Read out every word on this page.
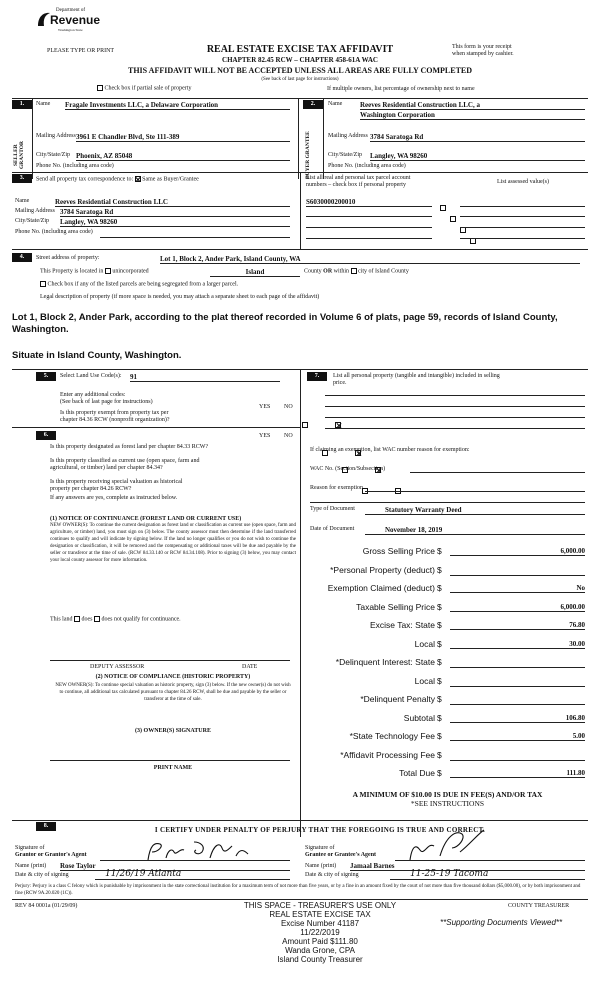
Department of
Revenue
Washington State
PLEASE TYPE OR PRINT	REAL ESTATE EXCISE TAX AFFIDAVIT
CHAPTER 82.45 RCW – CHAPTER 458-61A WAC
This form is your receipt
when stamped by cashier.
THIS AFFIDAVIT WILL NOT BE ACCEPTED UNLESS ALL AREAS ARE FULLY COMPLETED
(See back of last page for instructions)
Check box if partial sale of property	If multiple owners, list percentage of ownership next to name
1.
SELLER GRANTOR
Name Fragale Investments LLC, a Delaware Corporation
Mailing Address 3961 E Chandler Blvd, Ste 111-389
City/State/Zip Phoenix, AZ 85048
Phone No. (including area code)
2.
BUYER GRANTEE
Name	Reeves Residential Construction LLC, a
Washington Corporation
Mailing Address 3784 Saratoga Rd
City/State/Zip Langley, WA 98260
Phone No. (including area code)
3.	Send all property tax correspondence to: Same as Buyer/Grantee	List all real and personal tax parcel account
numbers – check box if personal property	List assessed value(s)
Name	Reeves Residential Construction LLC
Mailing Address 3784 Saratoga Rd
City/State/Zip Langley, WA 98260
Phone No. (including area code)
S6030000200010

4.	Street address of property:	Lot 1, Block 2, Ander Park, Island County, WA
This Property is located in unincorporated	Island	County OR within city of Island County
Check box if any of the listed parcels are being segregated from a larger parcel.
Legal description of property (if more space is needed, you may attach a separate sheet to each page of the affidavit)
Lot 1, Block 2, Ander Park, according to the plat thereof recorded in Volume 6 of plats, page 59, records of Island County, Washington.
Situate in Island County, Washington.
5.	Select Land Use Code(s): 91
Enter any additional codes:
(See back of last page for instructions)
YES NO
Is this property exempt from property tax per
chapter 84.36 RCW (nonprofit organization)?

6.	YES NO
Is this property designated as forest land per chapter 84.33 RCW?

Is this property classified as current use (open space, farm and
agricultural, or timber) land per chapter 84.34?

Is this property receiving special valuation as historical
property per chapter 84.26 RCW?

If any answers are yes, complete as instructed below.
(1) NOTICE OF CONTINUANCE (FOREST LAND OR CURRENT USE)
NEW OWNER(S): To continue the current designation as forest land or classification as current use (open space, farm and agriculture, or timber) land, you must sign on (3) below. The county assessor must then determine if the land transferred continues to qualify and will indicate by signing below. If the land no longer qualifies or you do not wish to continue the designation or classification, it will be removed and the compensating or additional taxes will be due and payable by the seller or transferor at the time of sale. (RCW 84.33.140 or RCW 84.34.108). Prior to signing (3) below, you may contact your local county assessor for more information.
This land does does not qualify for continuance.
DEPUTY ASSESSOR	DATE
(2) NOTICE OF COMPLIANCE (HISTORIC PROPERTY)
NEW OWNER(S): To continue special valuation as historic property, sign (3) below. If the new owner(s) do not wish to continue, all additional tax calculated pursuant to chapter 84.26 RCW, shall be due and payable by the seller or transferor at the time of sale.
(3) OWNER(S) SIGNATURE
PRINT NAME
7.	List all personal property (tangible and intangible) included in selling
price.
If claiming an exemption, list WAC number reason for exemption:
WAC No. (Section/Subsection)
Reason for exemption
Type of Document	Statutory Warranty Deed
Date of Document	November 18, 2019
Gross Selling Price $	6,000.00
*Personal Property (deduct) $
Exemption Claimed (deduct) $	No
Taxable Selling Price $	6,000.00
Excise Tax: State $	76.80
Local $	30.00
*Delinquent Interest: State $
Local $
*Delinquent Penalty $
Subtotal $	106.80
*State Technology Fee $	5.00
*Affidavit Processing Fee $
Total Due $	111.80
A MINIMUM OF $10.00 IS DUE IN FEE(S) AND/OR TAX
*SEE INSTRUCTIONS
8.	I CERTIFY UNDER PENALTY OF PERJURY THAT THE FOREGOING IS TRUE AND CORRECT.
Signature of
Grantor or Grantor's Agent
Name (print) Rose Taylor
Date & city of signing	11/26/19 Atlanta
Signature of
Grantee or Grantee's Agent
Name (print) Jamaal Barnes
Date & city of signing	11-25-19 Tacoma
Perjury: Perjury is a class C felony which is punishable by imprisonment in the state correctional institution for a maximum term of not more than five years, or by a fine in an amount fixed by the court of not more than five thousand dollars ($5,000.00), or by both imprisonment and fine (RCW 9A.20.020 (1C)).
REV 84 0001a (01/29/09)	THIS SPACE - TREASURER'S USE ONLY	COUNTY TREASURER
REAL ESTATE EXCISE TAX
Excise Number 41187
11/22/2019
Amount Paid $111.80
Wanda Grone, CPA
Island County Treasurer
**Supporting Documents Viewed**
